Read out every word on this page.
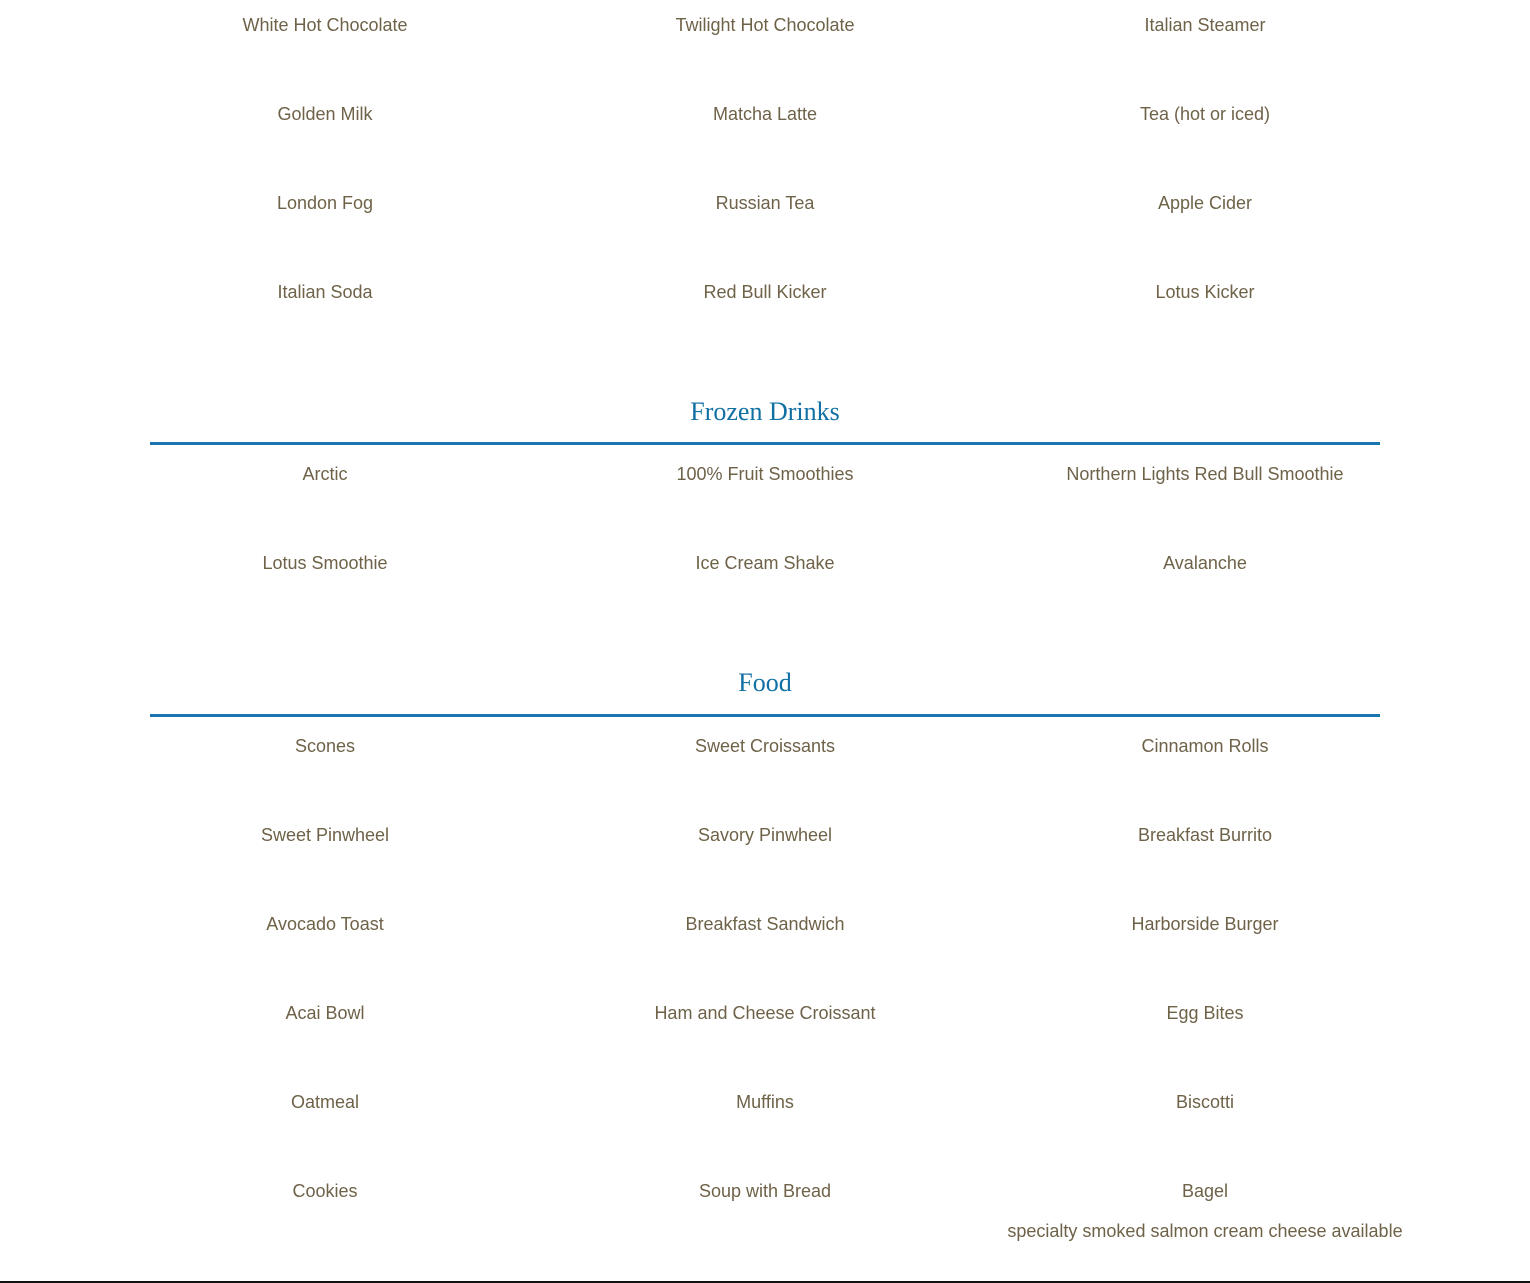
White Hot Chocolate	Twilight Hot Chocolate	Italian Steamer
Golden Milk	Matcha Latte	Tea (hot or iced)
London Fog	Russian Tea	Apple Cider
Italian Soda	Red Bull Kicker	Lotus Kicker
Frozen Drinks
Arctic	100% Fruit Smoothies	Northern Lights Red Bull Smoothie
Lotus Smoothie	Ice Cream Shake	Avalanche
Food
Scones	Sweet Croissants	Cinnamon Rolls
Sweet Pinwheel	Savory Pinwheel	Breakfast Burrito
Avocado Toast	Breakfast Sandwich	Harborside Burger
Acai Bowl	Ham and Cheese Croissant	Egg Bites
Oatmeal	Muffins	Biscotti
Cookies	Soup with Bread	Bagel
specialty smoked salmon cream cheese available
